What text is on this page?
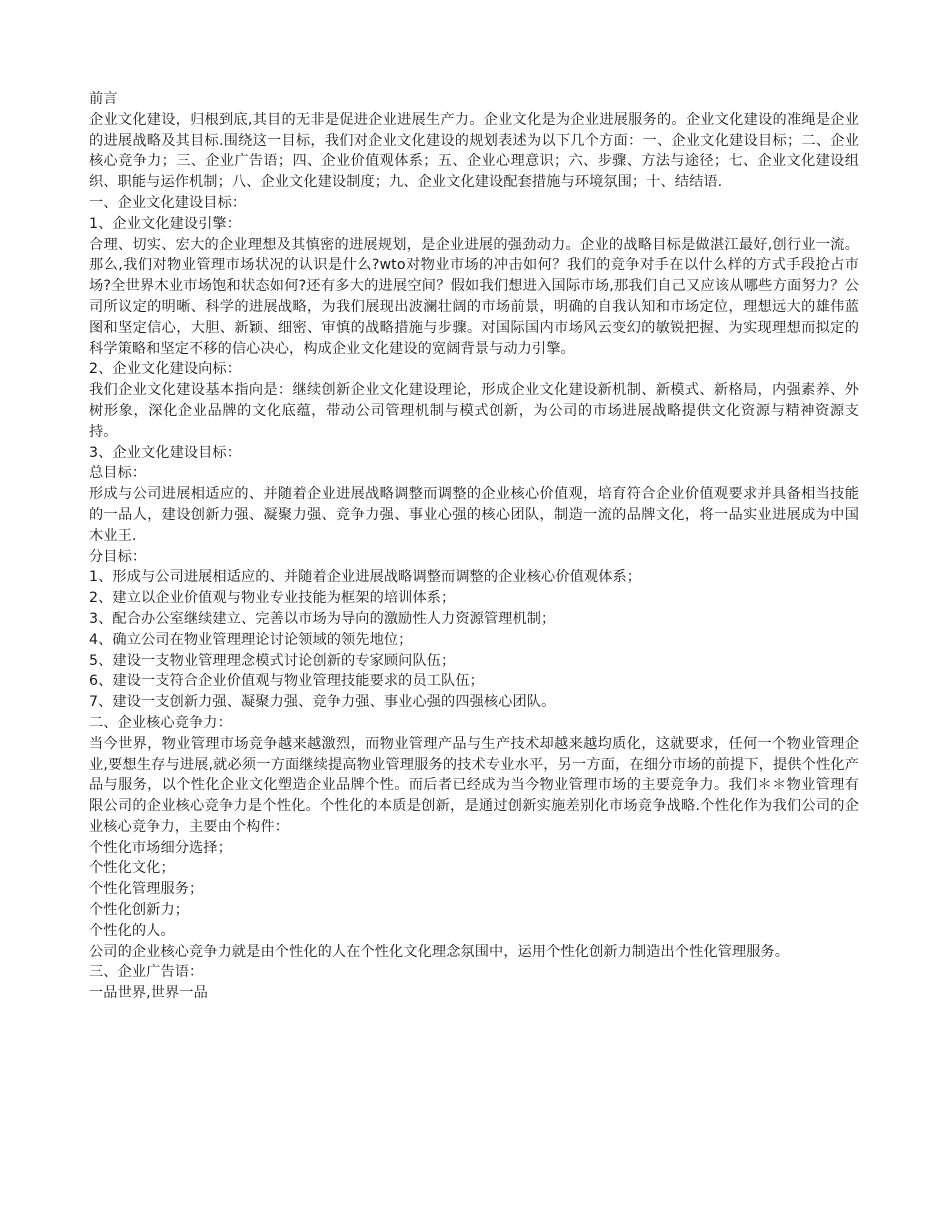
前言

企业文化建设，归根到底,其目的无非是促进企业进展生产力。企业文化是为企业进展服务的。企业文化建设的准绳是企业的进展战略及其目标.围绕这一目标，我们对企业文化建设的规划表述为以下几个方面：一、企业文化建设目标；二、企业核心竞争力；三、企业广告语；四、企业价值观体系；五、企业心理意识；六、步骤、方法与途径；七、企业文化建设组织、职能与运作机制；八、企业文化建设制度；九、企业文化建设配套措施与环境氛围；十、结结语.

一、企业文化建设目标：

1、企业文化建设引擎：

合理、切实、宏大的企业理想及其慎密的进展规划，是企业进展的强劲动力。企业的战略目标是做湛江最好,创行业一流。那么,我们对物业管理市场状况的认识是什么?wto对物业市场的冲击如何？我们的竞争对手在以什么样的方式手段抢占市场?全世界木业市场饱和状态如何?还有多大的进展空间？假如我们想进入国际市场,那我们自己又应该从哪些方面努力？公司所议定的明晰、科学的进展战略，为我们展现出波澜壮阔的市场前景，明确的自我认知和市场定位，理想远大的雄伟蓝图和坚定信心，大胆、新颖、细密、审慎的战略措施与步骤。对国际国内市场风云变幻的敏锐把握、为实现理想而拟定的科学策略和坚定不移的信心决心，构成企业文化建设的宽阔背景与动力引擎。

2、企业文化建设向标：

我们企业文化建设基本指向是：继续创新企业文化建设理论，形成企业文化建设新机制、新模式、新格局，内强素养、外树形象，深化企业品牌的文化底蕴，带动公司管理机制与模式创新，为公司的市场进展战略提供文化资源与精神资源支持。

3、企业文化建设目标：

总目标：

形成与公司进展相适应的、并随着企业进展战略调整而调整的企业核心价值观，培育符合企业价值观要求并具备相当技能的一品人，建设创新力强、凝聚力强、竞争力强、事业心强的核心团队，制造一流的品牌文化，将一品实业进展成为中国木业王.

分目标：

1、形成与公司进展相适应的、并随着企业进展战略调整而调整的企业核心价值观体系；

2、建立以企业价值观与物业专业技能为框架的培训体系；

3、配合办公室继续建立、完善以市场为导向的激励性人力资源管理机制；

4、确立公司在物业管理理论讨论领域的领先地位；

5、建设一支物业管理理念模式讨论创新的专家顾问队伍；

6、建设一支符合企业价值观与物业管理技能要求的员工队伍；

7、建设一支创新力强、凝聚力强、竞争力强、事业心强的四强核心团队。

二、企业核心竞争力：

当今世界，物业管理市场竞争越来越激烈，而物业管理产品与生产技术却越来越均质化，这就要求，任何一个物业管理企业,要想生存与进展,就必须一方面继续提高物业管理服务的技术专业水平，另一方面，在细分市场的前提下，提供个性化产品与服务，以个性化企业文化塑造企业品牌个性。而后者已经成为当今物业管理市场的主要竞争力。我们＊＊物业管理有限公司的企业核心竞争力是个性化。个性化的本质是创新，是通过创新实施差别化市场竞争战略.个性化作为我们公司的企业核心竞争力，主要由个构件：

个性化市场细分选择；

个性化文化；

个性化管理服务；

个性化创新力；

个性化的人。

公司的企业核心竞争力就是由个性化的人在个性化文化理念氛围中，运用个性化创新力制造出个性化管理服务。

三、企业广告语：

一品世界,世界一品
